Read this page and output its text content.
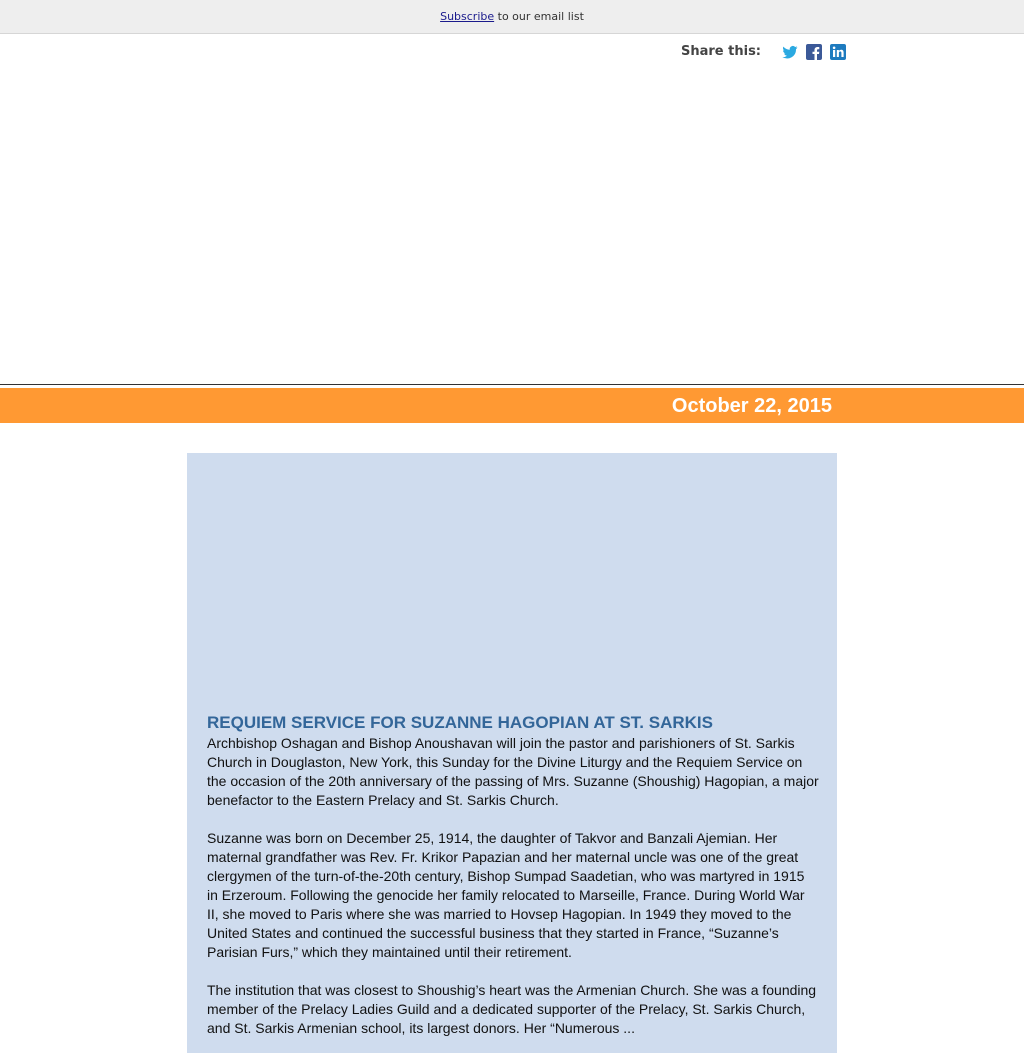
Subscribe to our email list
Share this:
October 22, 2015
REQUIEM SERVICE FOR SUZANNE HAGOPIAN AT ST. SARKIS

Archbishop Oshagan and Bishop Anoushavan will join the pastor and parishioners of St. Sarkis Church in Douglaston, New York, this Sunday for the Divine Liturgy and the Requiem Service on the occasion of the 20th anniversary of the passing of Mrs. Suzanne (Shoushig) Hagopian, a major benefactor to the Eastern Prelacy and St. Sarkis Church.

Suzanne was born on December 25, 1914, the daughter of Takvor and Banzali Ajemian. Her maternal grandfather was Rev. Fr. Krikor Papazian and her maternal uncle was one of the great clergymen of the turn-of-the-20th century, Bishop Sumpad Saadetian, who was martyred in 1915 in Erzeroum. Following the genocide her family relocated to Marseille, France. During World War II, she moved to Paris where she was married to Hovsep Hagopian. In 1949 they moved to the United States and continued the successful business that they started in France, “Suzanne’s Parisian Furs,” which they maintained until their retirement.

The institution that was closest to Shoushig’s heart was the Armenian Church. She was a founding member of the Prelacy Ladies Guild and a dedicated supporter of the Prelacy, St. Sarkis Church, and St. Sarkis Armenian school, its largest donors. Her “Numerous ...
